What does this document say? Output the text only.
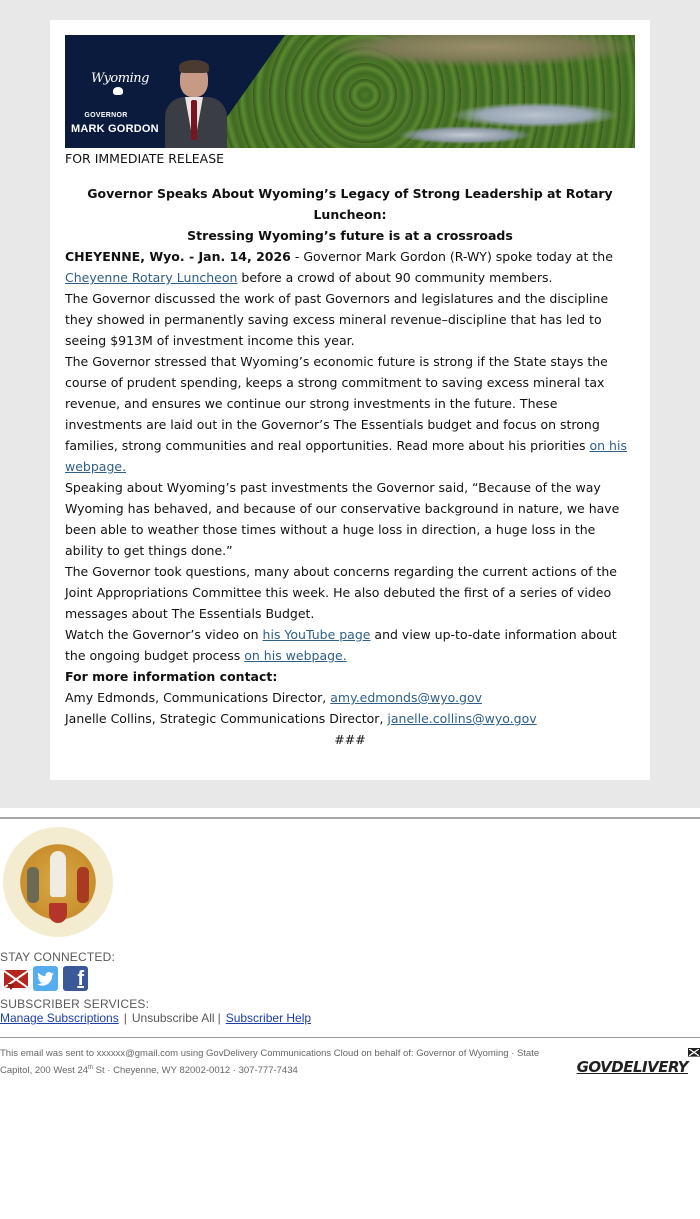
Wyoming
GOVERNOR
MARK GORDON

FOR IMMEDIATE RELEASE

Governor Speaks About Wyoming’s Legacy of Strong Leadership at Rotary Luncheon:
Stressing Wyoming’s future is at a crossroads

CHEYENNE, Wyo. - Jan. 14, 2026 - Governor Mark Gordon (R-WY) spoke today at the Cheyenne Rotary Luncheon before a crowd of about 90 community members.

The Governor discussed the work of past Governors and legislatures and the discipline they showed in permanently saving excess mineral revenue–discipline that has led to seeing $913M of investment income this year.

The Governor stressed that Wyoming’s economic future is strong if the State stays the course of prudent spending, keeps a strong commitment to saving excess mineral tax revenue, and ensures we continue our strong investments in the future. These investments are laid out in the Governor’s The Essentials budget and focus on strong families, strong communities and real opportunities. Read more about his priorities on his webpage.

Speaking about Wyoming’s past investments the Governor said, “Because of the way Wyoming has behaved, and because of our conservative background in nature, we have been able to weather those times without a huge loss in direction, a huge loss in the ability to get things done.”

The Governor took questions, many about concerns regarding the current actions of the Joint Appropriations Committee this week. He also debuted the first of a series of video messages about The Essentials Budget.

Watch the Governor’s video on his YouTube page and view up-to-date information about the ongoing budget process on his webpage.

For more information contact:

Amy Edmonds, Communications Director, amy.edmonds@wyo.gov

Janelle Collins, Strategic Communications Director, janelle.collins@wyo.gov

###

STAY CONNECTED:
f
SUBSCRIBER SERVICES:
Manage Subscriptions | Unsubscribe All | Subscriber Help
This email was sent to xxxxxx@gmail.com using GovDelivery Communications Cloud on behalf of: Governor of Wyoming · State
Capitol, 200 West 24th St · Cheyenne, WY 82002-0012 · 307-777-7434	GOVDELIVERY
